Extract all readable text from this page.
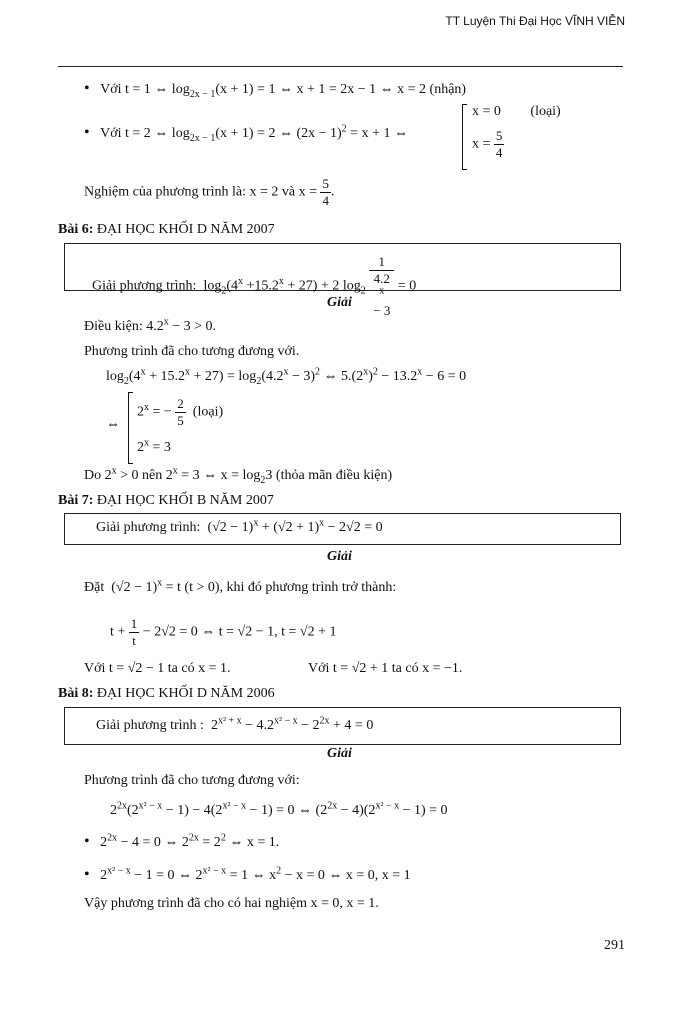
TT Luyện Thi Đại Học VĨNH VIỄN
• Với t = 1 ⇔ $\log_{2x - 1}(x + 1) = 1$ ⇔ x + 1 = 2x − 1 ⇔ x = 2 (nhận)
• Với t = 2 ⇔ $\log_{2x - 1}(x + 1) = 2$ ⇔ $(2x - 1)^2 = x + 1$ ⇔
x = 0 (loại)
$x = \frac{5}{4}$
Nghiệm của phương trình là: x = 2 và $x = \frac{5}{4}$ .
Bài 6: ĐẠI HỌC KHỐI D NĂM 2007
Giải phương trình: $\log_2(4^x +15.2^x + 27) + 2$ $\log_2 1$
4.2
$^x$
− 3 = 0
Giải
Điều kiện: $4.2^x - 3 > 0$.
Phương trình đã cho tương đương với.
$\log_2(4^x + 15.2^x + 27) = \log_2(4.2^x - 3)^2$ ⇔ $5.(2^x)^2 - 13.2^x - 6 = 0$
⇔
$2^x$ = − $\frac{2}{5}$ (loại)
$2^x = 3$
Do $2^x > 0$ nên $2^x = 3$ ⇔ $x = \log_23$ (thỏa mãn điều kiện)
Bài 7: ĐẠI HỌC KHỐI B NĂM 2007
Giải phương trình: $(√2 - 1)^x + (√2 + 1)^x - 2√2 = 0$
Giải
Đặt $(√2 - 1)^x = t$ (t > 0), khi đó phương trình trở thành:
$t + \frac{1}{t} - 2√2 = 0$ ⇔ t = √2 − 1, t = √2 + 1
Với t = √2 − 1 ta có x = 1.	Với t = √2 + 1 ta có x = −1.
Bài 8: ĐẠI HỌC KHỐI D NĂM 2006
Giải phương trình : $2^{x^2 + x} - 4.2^{x^2 - x} - 2^{2x} + 4 = 0$
Giải
Phương trình đã cho tương đương với:
$2^{2x}(2^{x^2 - x} - 1) - 4(2^{x^2 - x} - 1) = 0$ ⇔ $(2^{2x} - 4)(2^{x^2 - x} - 1) = 0$
• $2^{2x} - 4 = 0$ ⇔ $2^{2x} = 2^2$ ⇔ x = 1.
• $2^{x^2 - x} - 1 = 0$ ⇔ $2^{x^2 - x} = 1$ ⇔ $x^2 - x = 0$ ⇔ x = 0, x = 1
Vậy phương trình đã cho có hai nghiệm x = 0, x = 1.
291
